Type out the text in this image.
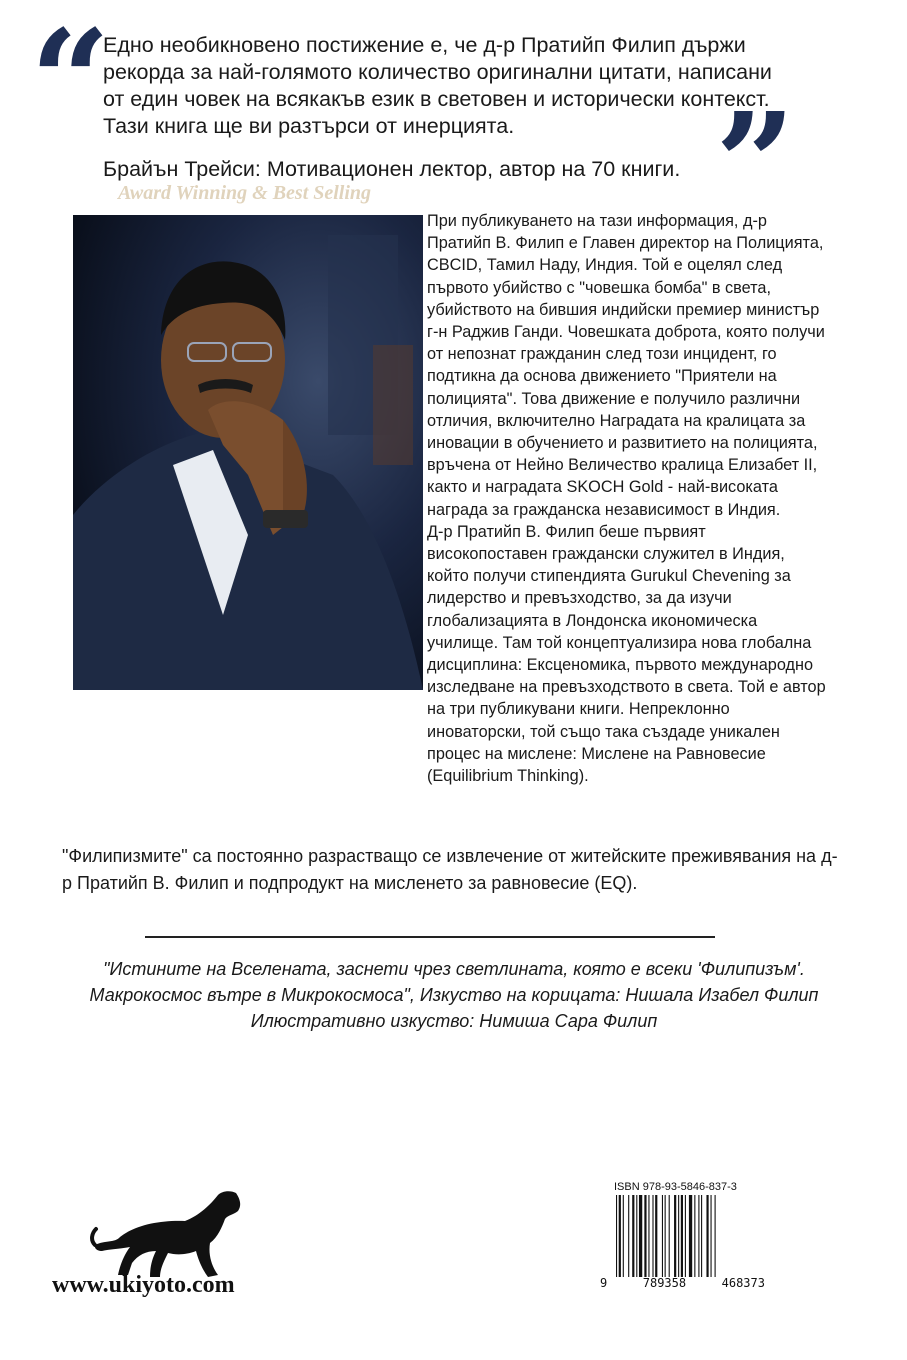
“

Едно необикновено постижение е, че д-р Пратийп Филип държи рекорда за най-голямото количество оригинални цитати, написани от един човек на всякакъв език в световен и исторически контекст. Тази книга ще ви разтърси от инерцията.	”

Брайън Трейси: Мотивационен лектор, автор на 70 книги.

Award Winning & Best Selling
При публикуването на тази информация, д-р Пратийп В. Филип е Главен директор на Полицията, CBCID, Тамил Наду, Индия. Той е оцелял след първото убийство с "човешка бомба" в света, убийството на бившия индийски премиер министър г-н Раджив Ганди. Човешката доброта, която получи от непознат гражданин след този инцидент, го подтикна да основа движението "Приятели на полицията". Това движение е получило различни отличия, включително Наградата на кралицата за иновации в обучението и развитието на полицията, връчена от Нейно Величество кралица Елизабет II, както и наградата SKOCH Gold - най-високата награда за гражданска независимост в Индия.
Д-р Пратийп В. Филип беше първият високопоставен граждански служител в Индия, който получи стипендията Gurukul Chevening за лидерство и превъзходство, за да изучи глобализацията в Лондонска икономическа училище. Там той концептуализира нова глобална дисциплина: Ексценомика, първото международно изследване на превъзходството в света. Той е автор на три публикувани книги. Непреклонно иноваторски, той също така създаде уникален процес на мислене: Мислене на Равновесие (Equilibrium Thinking).

"Филипизмите" са постоянно разрастващо се извлечение от житейските преживявания на д-р Пратийп В. Филип и подпродукт на мисленето за равновесие (EQ).

"Истините на Вселената, заснети чрез светлината, която е всеки 'Филипизъм'.
Макрокосмос вътре в Микрокосмоса", Изкуство на корицата: Нишала Изабел Филип
Илюстративно изкуство: Нимиша Сара Филип
www.ukiyoto.com
ISBN 978-93-5846-837-3
9	789358	468373
